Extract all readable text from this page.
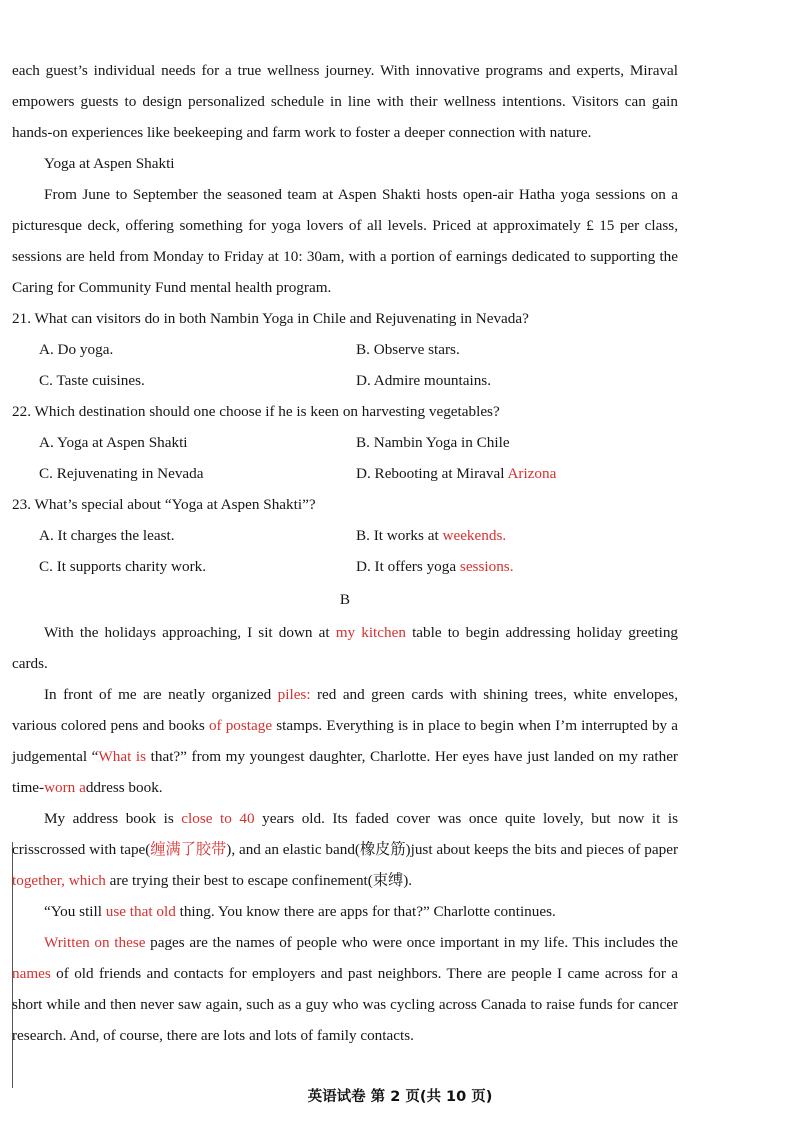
each guest’s individual needs for a true wellness journey. With innovative programs and experts, Miraval empowers guests to design personalized schedule in line with their wellness intentions. Visitors can gain hands-on experiences like beekeeping and farm work to foster a deeper connection with nature.
Yoga at Aspen Shakti
From June to September the seasoned team at Aspen Shakti hosts open-air Hatha yoga sessions on a picturesque deck, offering something for yoga lovers of all levels. Priced at approximately £ 15 per class, sessions are held from Monday to Friday at 10: 30am, with a portion of earnings dedicated to supporting the Caring for Community Fund mental health program.
21. What can visitors do in both Nambin Yoga in Chile and Rejuvenating in Nevada?
A. Do yoga.	B. Observe stars.
C. Taste cuisines.	D. Admire mountains.
22. Which destination should one choose if he is keen on harvesting vegetables?
A. Yoga at Aspen Shakti	B. Nambin Yoga in Chile
C. Rejuvenating in Nevada	D. Rebooting at Miraval Arizona
23. What’s special about “Yoga at Aspen Shakti”?
A. It charges the least.	B. It works at weekends.
C. It supports charity work.	D. It offers yoga sessions.
B
With the holidays approaching, I sit down at my kitchen table to begin addressing holiday greeting cards.
In front of me are neatly organized piles: red and green cards with shining trees, white envelopes, various colored pens and books of postage stamps. Everything is in place to begin when I’m interrupted by a judgemental “What is that?” from my youngest daughter, Charlotte. Her eyes have just landed on my rather time-worn address book.
My address book is close to 40 years old. Its faded cover was once quite lovely, but now it is crisscrossed with tape(缠满了胶带), and an elastic band(橡皮筋)just about keeps the bits and pieces of paper together, which are trying their best to escape confinement(束缚).
“You still use that old thing. You know there are apps for that?” Charlotte continues.
Written on these pages are the names of people who were once important in my life. This includes the names of old friends and contacts for employers and past neighbors. There are people I came across for a short while and then never saw again, such as a guy who was cycling across Canada to raise funds for cancer research. And, of course, there are lots and lots of family contacts.
英语试卷 第 2 页(共 10 页)
